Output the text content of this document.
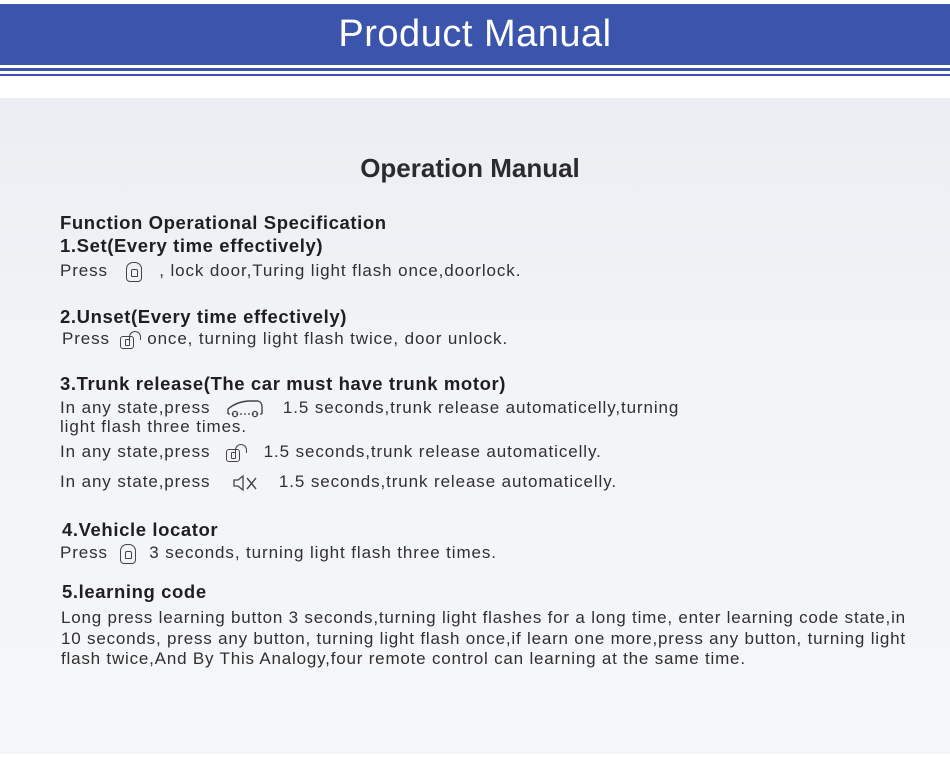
Product Manual
Operation Manual
Function Operational Specification
1.Set(Every time effectively)
Press	, lock door,Turing light flash once,doorlock.
2.Unset(Every time effectively)
Press once, turning light flash twice, door unlock.
3.Trunk release(The car must have trunk motor)
In any state,press	1.5 seconds,trunk release automaticelly,turning
light flash three times.
In any state,press	1.5 seconds,trunk release automaticelly.
In any state,press	1.5 seconds,trunk release automaticelly.
4.Vehicle locator
Press 3 seconds, turning light flash three times.
5.learning code
Long press learning button 3 seconds,turning light flashes for a long time, enter learning code state,in 10 seconds, press any button, turning light flash once,if learn one more,press any button, turning light flash twice,And By This Analogy,four remote control can learning at the same time.
